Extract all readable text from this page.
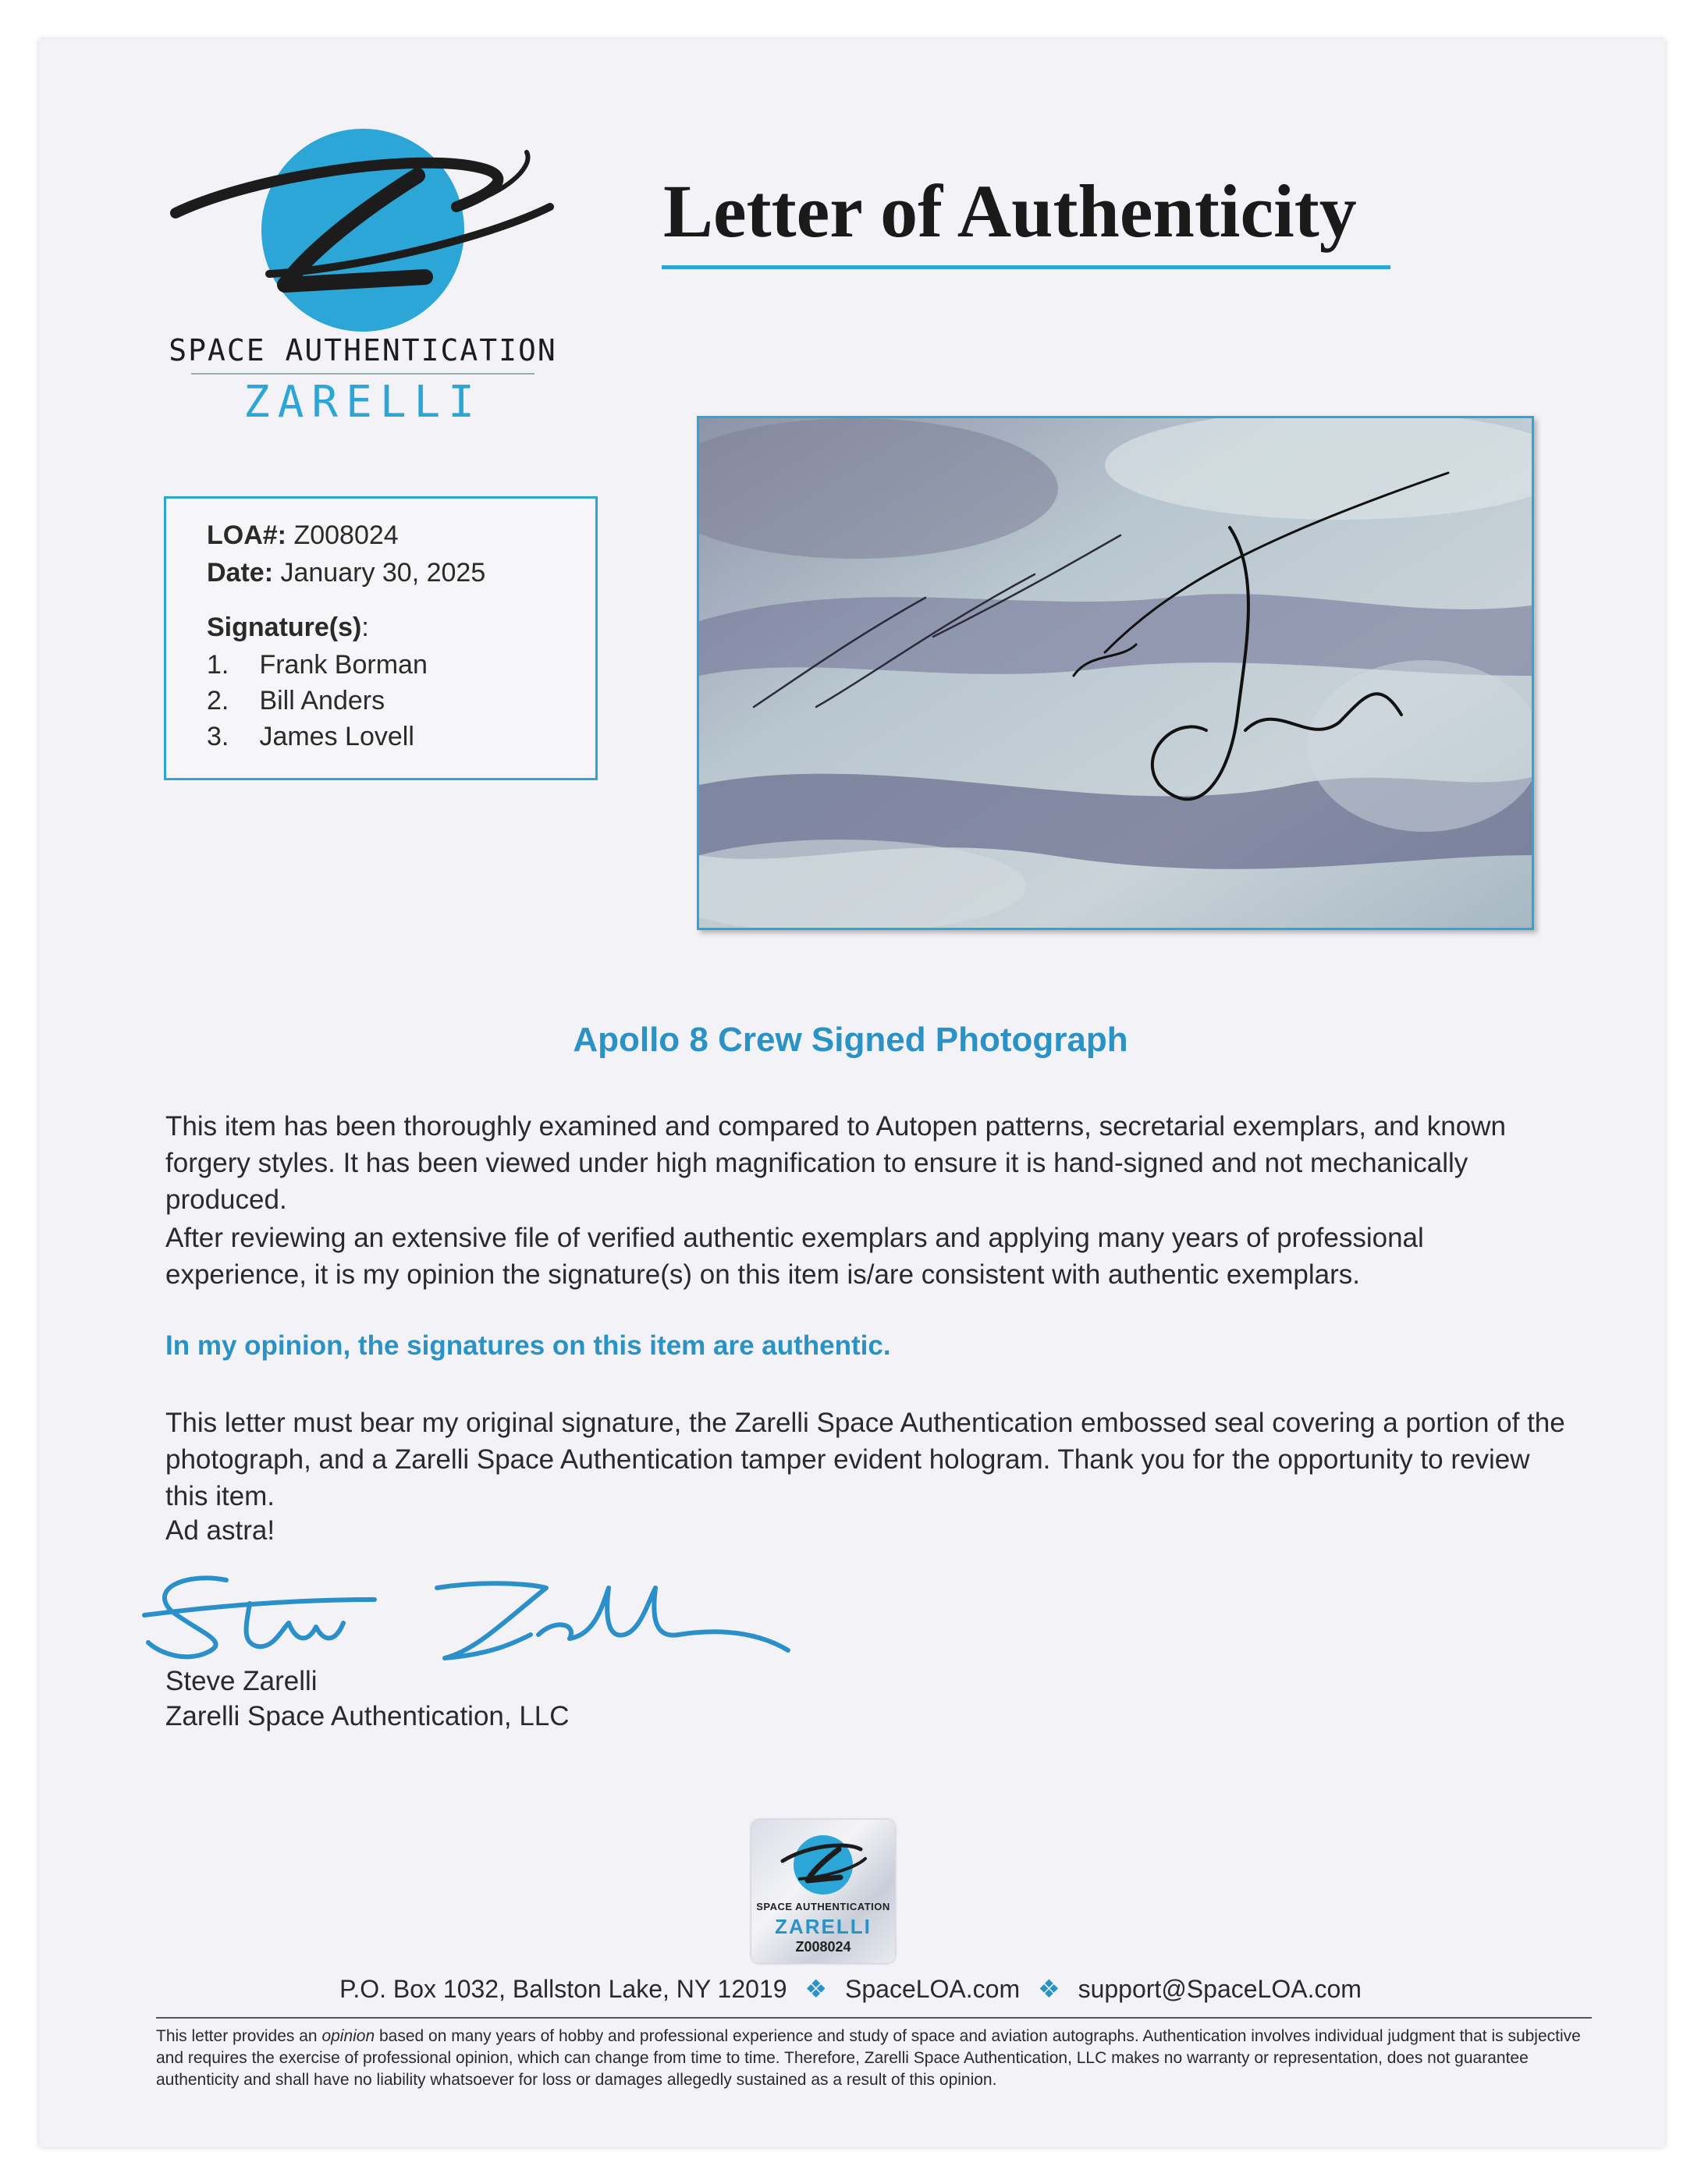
SPACE AUTHENTICATION
ZARELLI
Letter of Authenticity
LOA#: Z008024
Date: January 30, 2025
Signature(s):
1. Frank Borman
2. Bill Anders
3. James Lovell
Apollo 8 Crew Signed Photograph
This item has been thoroughly examined and compared to Autopen patterns, secretarial exemplars, and known forgery styles. It has been viewed under high magnification to ensure it is hand-signed and not mechanically produced.
After reviewing an extensive file of verified authentic exemplars and applying many years of professional experience, it is my opinion the signature(s) on this item is/are consistent with authentic exemplars.
In my opinion, the signatures on this item are authentic.
This letter must bear my original signature, the Zarelli Space Authentication embossed seal covering a portion of the photograph, and a Zarelli Space Authentication tamper evident hologram. Thank you for the opportunity to review this item.
Ad astra!
Steve Zarelli
Zarelli Space Authentication, LLC
SPACE AUTHENTICATION
ZARELLI
Z008024
P.O. Box 1032, Ballston Lake, NY 12019 ❖ SpaceLOA.com ❖ support@SpaceLOA.com
This letter provides an opinion based on many years of hobby and professional experience and study of space and aviation autographs. Authentication involves individual judgment that is subjective and requires the exercise of professional opinion, which can change from time to time. Therefore, Zarelli Space Authentication, LLC makes no warranty or representation, does not guarantee authenticity and shall have no liability whatsoever for loss or damages allegedly sustained as a result of this opinion.
